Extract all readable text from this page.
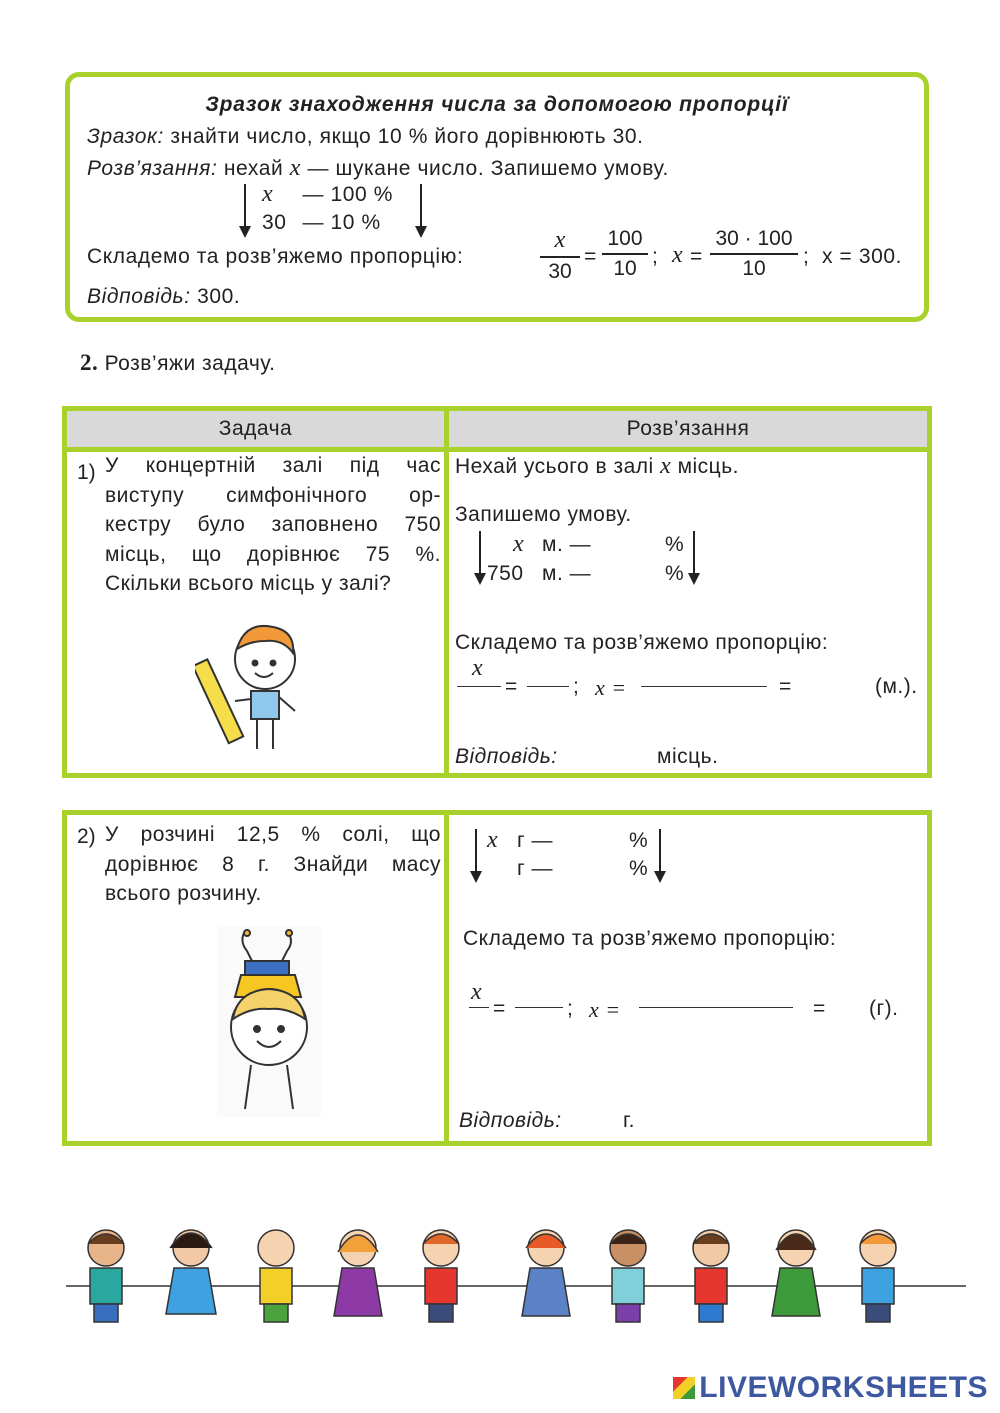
Зразок знаходження числа за допомогою пропорції
Зразок: знайти число, якщо 10 % його дорівнюють 30.
Розв’язання: нехай x — шукане число. Запишемо умову.
x — 100 %
30 — 10 %
Складемо та розв’яжемо пропорцію:
x
30
=
100
10
; x =
30 · 100
10
; x = 300.
Відповідь: 300.
2. Розв’яжи задачу.
Задача	Розв’язання
1) У концертній залі під час
виступу симфонічного ор-
кестру було заповнено 750
місць, що дорівнює 75 %.
Скільки всього місць у залі?
Нехай усього в залі x місць.
Запишемо умову.
x м. —	%
750 м. —	%
Складемо та розв’яжемо пропорцію:
x
=	; x =	=	(м.).
Відповідь:	місць.
2) У розчині 12,5 % солі, що
дорівнює 8 г. Знайди масу
всього розчину.
x г —	%
г —	%
Складемо та розв’яжемо пропорцію:
x
=	; x =	= (г).
Відповідь:	г.
LIVEWORKSHEETS
